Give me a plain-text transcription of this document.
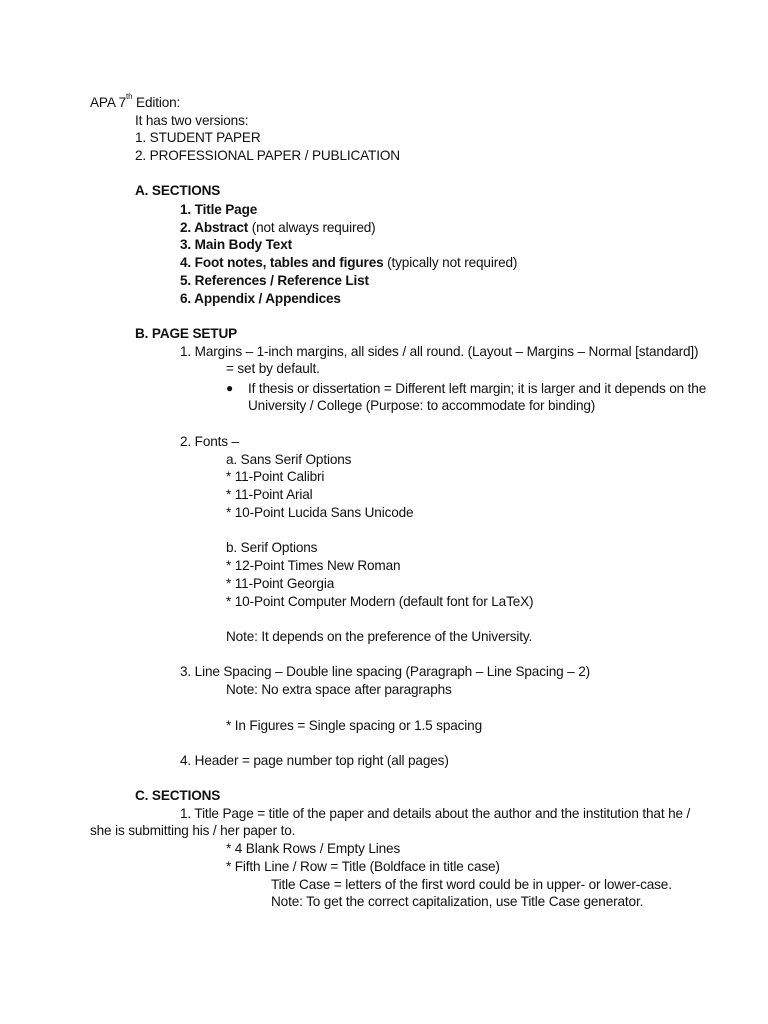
APA 7th Edition:
It has two versions:
1. STUDENT PAPER
2. PROFESSIONAL PAPER / PUBLICATION
A. SECTIONS
1. Title Page
2. Abstract (not always required)
3. Main Body Text
4. Foot notes, tables and figures (typically not required)
5. References / Reference List
6. Appendix / Appendices
B. PAGE SETUP
1. Margins – 1-inch margins, all sides / all round. (Layout – Margins – Normal [standard])
= set by default.
● If thesis or dissertation = Different left margin; it is larger and it depends on the
University / College (Purpose: to accommodate for binding)
2. Fonts –
a. Sans Serif Options
* 11-Point Calibri
* 11-Point Arial
* 10-Point Lucida Sans Unicode
b. Serif Options
* 12-Point Times New Roman
* 11-Point Georgia
* 10-Point Computer Modern (default font for LaTeX)
Note: It depends on the preference of the University.
3. Line Spacing – Double line spacing (Paragraph – Line Spacing – 2)
Note: No extra space after paragraphs
* In Figures = Single spacing or 1.5 spacing
4. Header = page number top right (all pages)
C. SECTIONS
1. Title Page = title of the paper and details about the author and the institution that he /
she is submitting his / her paper to.
* 4 Blank Rows / Empty Lines
* Fifth Line / Row = Title (Boldface in title case)
Title Case = letters of the first word could be in upper- or lower-case.
Note: To get the correct capitalization, use Title Case generator.
